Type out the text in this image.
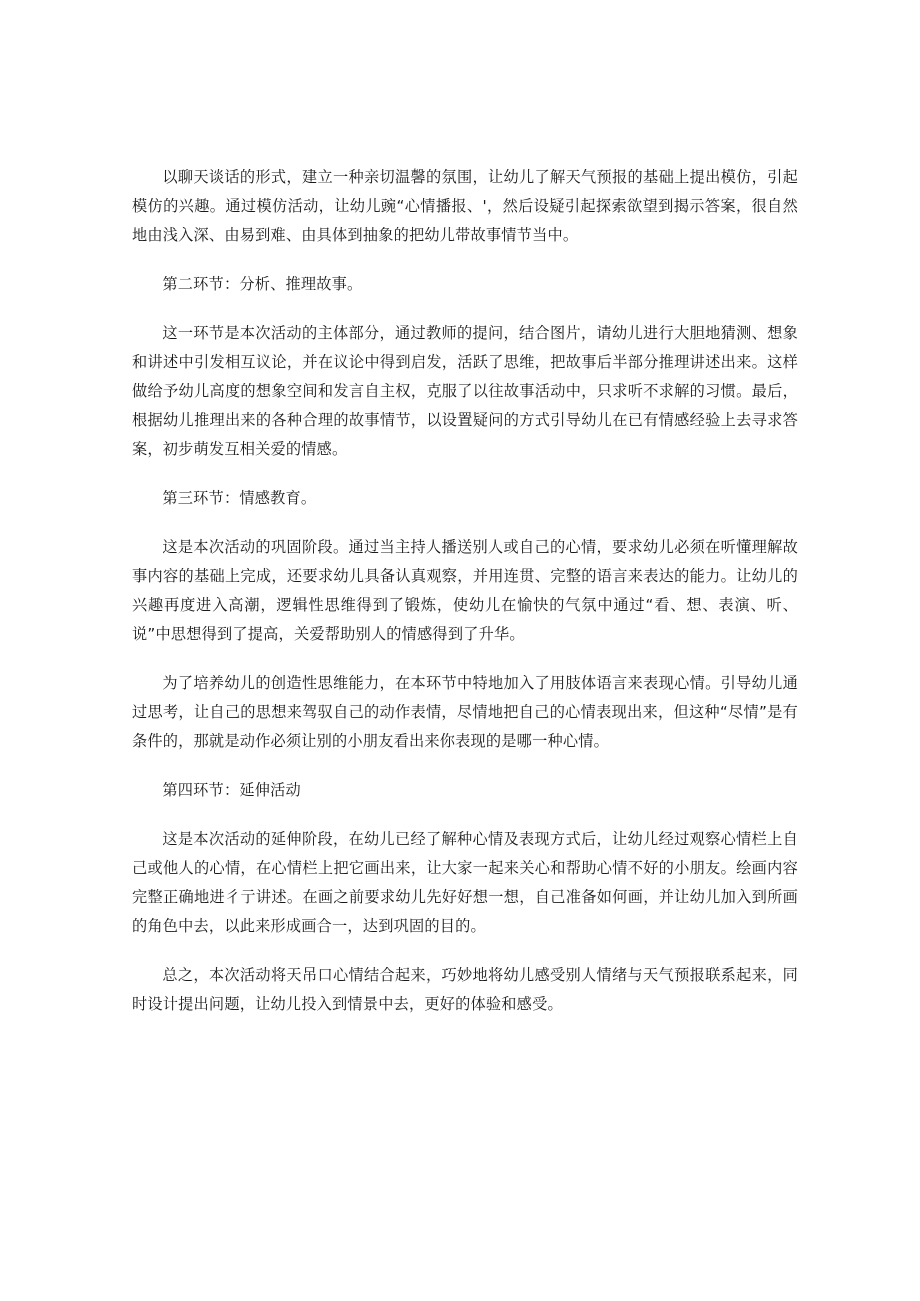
以聊天谈话的形式，建立一种亲切温馨的氛围，让幼儿了解天气预报的基础上提出模仿，引起模仿的兴趣。通过模仿活动，让幼儿豌“心情播报、'，然后设疑引起探索欲望到揭示答案，很自然地由浅入深、由易到难、由具体到抽象的把幼儿带故事情节当中。

第二环节：分析、推理故事。

这一环节是本次活动的主体部分，通过教师的提问，结合图片，请幼儿进行大胆地猜测、想象和讲述中引发相互议论，并在议论中得到启发，活跃了思维，把故事后半部分推理讲述出来。这样做给予幼儿高度的想象空间和发言自主权，克服了以往故事活动中，只求听不求解的习惯。最后，根据幼儿推理出来的各种合理的故事情节，以设置疑问的方式引导幼儿在已有情感经验上去寻求答案，初步萌发互相关爱的情感。

第三环节：情感教育。

这是本次活动的巩固阶段。通过当主持人播送别人或自己的心情，要求幼儿必须在听懂理解故事内容的基础上完成，还要求幼儿具备认真观察，并用连贯、完整的语言来表达的能力。让幼儿的兴趣再度进入高潮，逻辑性思维得到了锻炼，使幼儿在愉快的气氛中通过“看、想、表演、听、说”中思想得到了提高，关爱帮助别人的情感得到了升华。

为了培养幼儿的创造性思维能力，在本环节中特地加入了用肢体语言来表现心情。引导幼儿通过思考，让自己的思想来驾驭自己的动作表情，尽情地把自己的心情表现出来，但这种“尽情”是有条件的，那就是动作必须让别的小朋友看出来你表现的是哪一种心情。

第四环节：延伸活动

这是本次活动的延伸阶段，在幼儿已经了解种心情及表现方式后，让幼儿经过观察心情栏上自己或他人的心情，在心情栏上把它画出来，让大家一起来关心和帮助心情不好的小朋友。绘画内容完整正确地进彳亍讲述。在画之前要求幼儿先好好想一想，自己准备如何画，并让幼儿加入到所画的角色中去，以此来形成画合一，达到巩固的目的。

总之，本次活动将天吊口心情结合起来，巧妙地将幼儿感受别人情绪与天气预报联系起来，同时设计提出问题，让幼儿投入到情景中去，更好的体验和感受。
